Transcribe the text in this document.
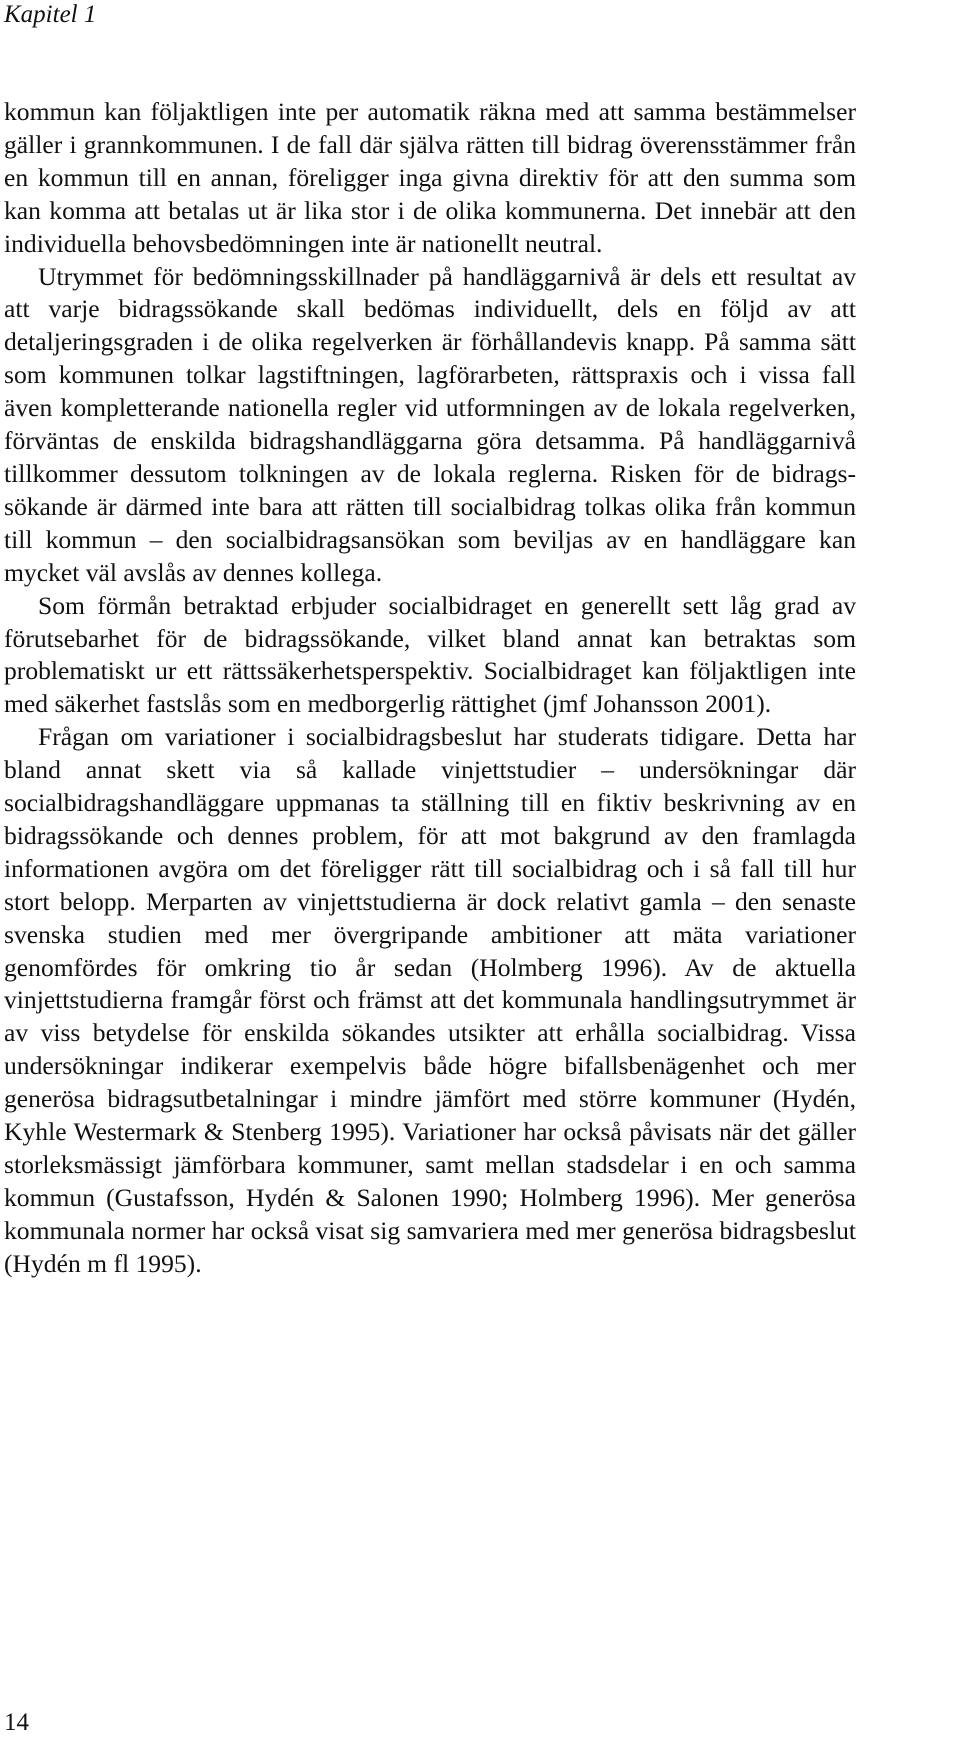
Kapitel 1

kommun kan följaktligen inte per automatik räkna med att samma bestämmelser gäller i grannkommunen. I de fall där själva rätten till bidrag överensstämmer från en kommun till en annan, föreligger inga givna direktiv för att den summa som kan komma att betalas ut är lika stor i de olika kommunerna. Det innebär att den individuella behovsbedömningen inte är nationellt neutral.

Utrymmet för bedömningsskillnader på handläggarnivå är dels ett resultat av att varje bidragssökande skall bedömas individuellt, dels en följd av att detaljeringsgraden i de olika regelverken är förhållandevis knapp. På samma sätt som kommunen tolkar lagstiftningen, lagförarbeten, rättspraxis och i vissa fall även kompletterande nationella regler vid utformningen av de lokala regelverken, förväntas de enskilda bidragshandläggarna göra detsamma. På handläggarnivå tillkommer dessutom tolkningen av de lokala reglerna. Risken för de bidragssökande är därmed inte bara att rätten till socialbidrag tolkas olika från kommun till kommun – den socialbidragsansökan som beviljas av en handläggare kan mycket väl avslås av dennes kollega.

Som förmån betraktad erbjuder socialbidraget en generellt sett låg grad av förutsebarhet för de bidragssökande, vilket bland annat kan betraktas som problematiskt ur ett rättssäkerhetsperspektiv. Socialbidraget kan följaktligen inte med säkerhet fastslås som en medborgerlig rättighet (jmf Johansson 2001).

Frågan om variationer i socialbidragsbeslut har studerats tidigare. Detta har bland annat skett via så kallade vinjettstudier – undersökningar där socialbidragshandläggare uppmanas ta ställning till en fiktiv beskrivning av en bidragssökande och dennes problem, för att mot bakgrund av den framlagda informationen avgöra om det föreligger rätt till socialbidrag och i så fall till hur stort belopp. Merparten av vinjettstudierna är dock relativt gamla – den senaste svenska studien med mer övergripande ambitioner att mäta variationer genomfördes för omkring tio år sedan (Holmberg 1996). Av de aktuella vinjettstudierna framgår först och främst att det kommunala handlingsutrymmet är av viss betydelse för enskilda sökandes utsikter att erhålla socialbidrag. Vissa undersökningar indikerar exempelvis både högre bifallsbenägenhet och mer generösa bidragsutbetalningar i mindre jämfört med större kommuner (Hydén, Kyhle Westermark & Stenberg 1995). Variationer har också påvisats när det gäller storleksmässigt jämförbara kommuner, samt mellan stadsdelar i en och samma kommun (Gustafsson, Hydén & Salonen 1990; Holmberg 1996). Mer generösa kommunala normer har också visat sig samvariera med mer generösa bidragsbeslut (Hydén m fl 1995).

14
